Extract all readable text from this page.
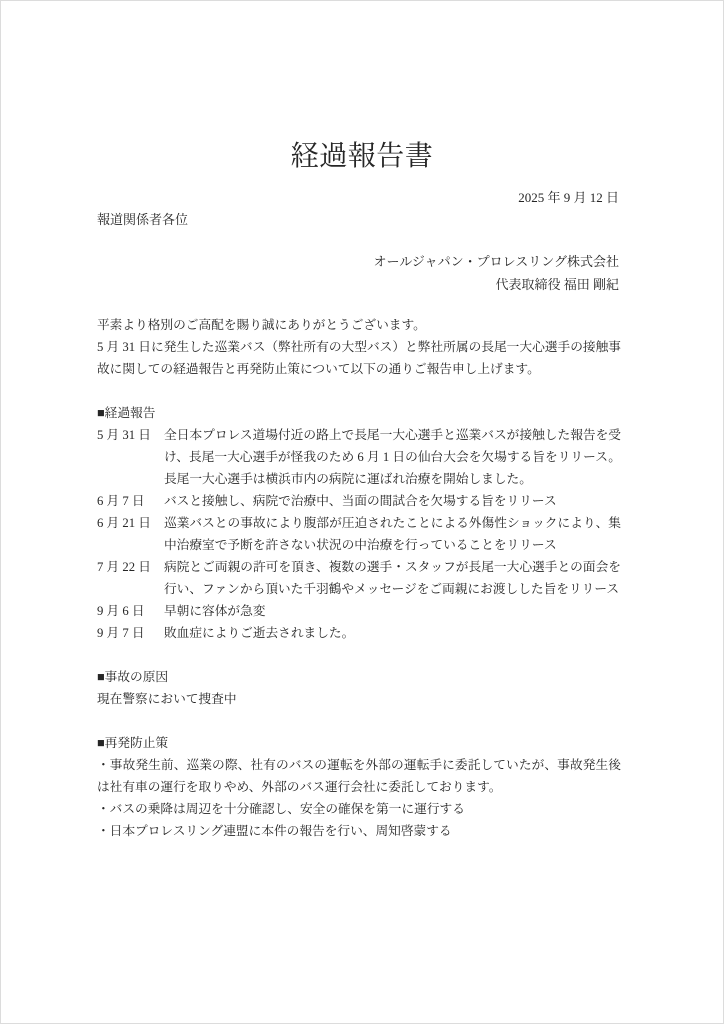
経過報告書
2025 年 9 月 12 日
報道関係者各位
オールジャパン・プロレスリング株式会社
代表取締役 福田 剛紀

平素より格別のご高配を賜り誠にありがとうございます。

5 月 31 日に発生した巡業バス（弊社所有の大型バス）と弊社所属の長尾一大心選手の接触事故に関しての経過報告と再発防止策について以下の通りご報告申し上げます。

■経過報告

5 月 31 日	全日本プロレス道場付近の路上で長尾一大心選手と巡業バスが接触した報告を受け、長尾一大心選手が怪我のため 6 月 1 日の仙台大会を欠場する旨をリリース。長尾一大心選手は横浜市内の病院に運ばれ治療を開始しました。
6 月 7 日	バスと接触し、病院で治療中、当面の間試合を欠場する旨をリリース
6 月 21 日	巡業バスとの事故により腹部が圧迫されたことによる外傷性ショックにより、集中治療室で予断を許さない状況の中治療を行っていることをリリース
7 月 22 日	病院とご両親の許可を頂き、複数の選手・スタッフが長尾一大心選手との面会を行い、ファンから頂いた千羽鶴やメッセージをご両親にお渡しした旨をリリース
9 月 6 日	早朝に容体が急変
9 月 7 日	敗血症によりご逝去されました。

■事故の原因

現在警察において捜査中

■再発防止策

・事故発生前、巡業の際、社有のバスの運転を外部の運転手に委託していたが、事故発生後は社有車の運行を取りやめ、外部のバス運行会社に委託しております。

・バスの乗降は周辺を十分確認し、安全の確保を第一に運行する

・日本プロレスリング連盟に本件の報告を行い、周知啓蒙する
